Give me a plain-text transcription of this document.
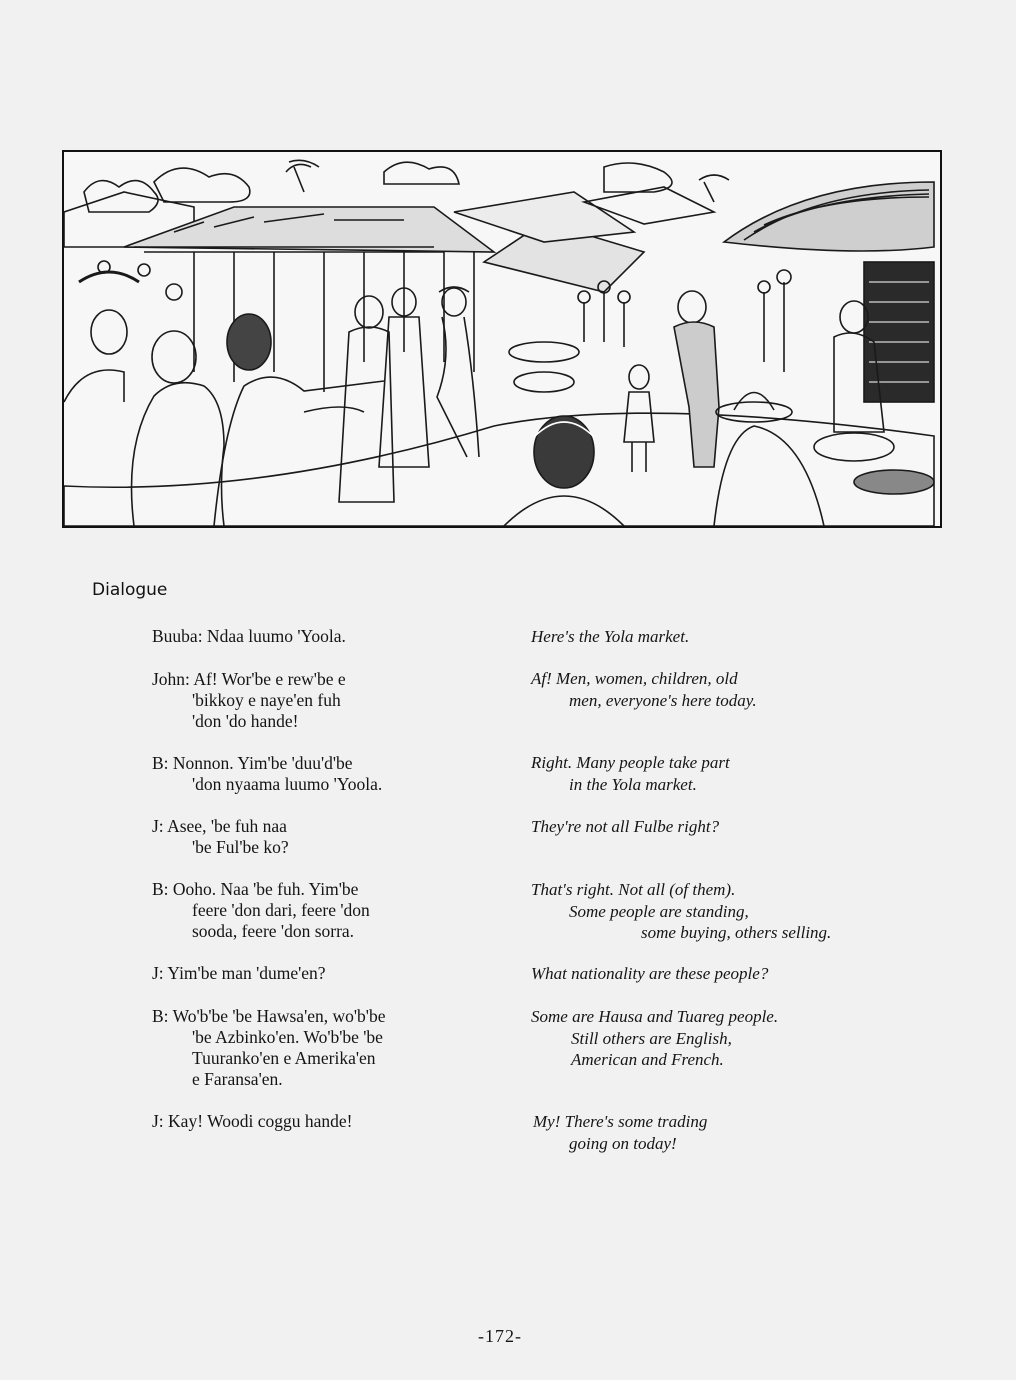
Dialogue
Buuba: Ndaa luumo 'Yoola.
John: Af! Wor'be e rew'be e
'bikkoy e naye'en fuh
'don 'do hande!
B: Nonnon. Yim'be 'duu'd'be
'don nyaama luumo 'Yoola.
J: Asee, 'be fuh naa
'be Ful'be ko?
B: Ooho. Naa 'be fuh. Yim'be
feere 'don dari, feere 'don
sooda, feere 'don sorra.
J: Yim'be man 'dume'en?
B: Wo'b'be 'be Hawsa'en, wo'b'be
'be Azbinko'en. Wo'b'be 'be
Tuuranko'en e Amerika'en
e Faransa'en.
J: Kay! Woodi coggu hande!
Here's the Yola market.
Af! Men, women, children, old
men, everyone's here today.
Right. Many people take part
in the Yola market.
They're not all Fulbe right?
That's right. Not all (of them).
Some people are standing,
some buying, others selling.
What nationality are these people?
Some are Hausa and Tuareg people.
Still others are English,
American and French.
My! There's some trading
going on today!
-172-
